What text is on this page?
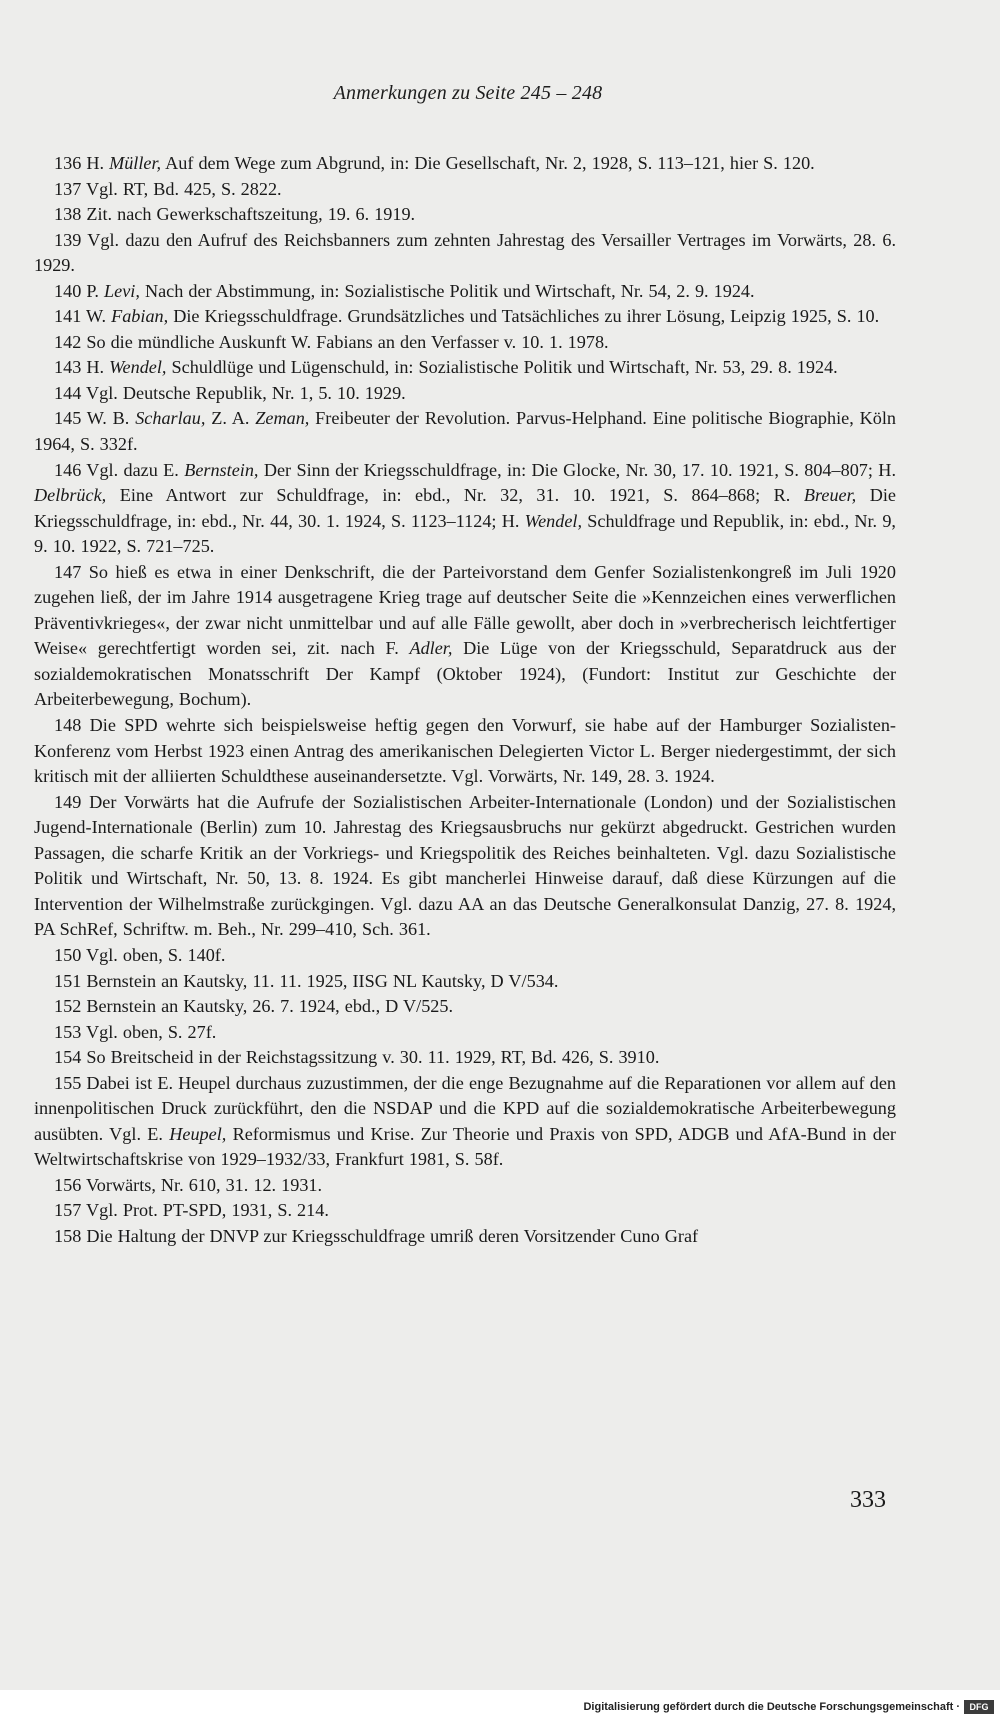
Anmerkungen zu Seite 245 – 248

136 H. Müller, Auf dem Wege zum Abgrund, in: Die Gesellschaft, Nr. 2, 1928, S. 113–121, hier S. 120.

137 Vgl. RT, Bd. 425, S. 2822.

138 Zit. nach Gewerkschaftszeitung, 19. 6. 1919.

139 Vgl. dazu den Aufruf des Reichsbanners zum zehnten Jahrestag des Versailler Vertrages im Vorwärts, 28. 6. 1929.

140 P. Levi, Nach der Abstimmung, in: Sozialistische Politik und Wirtschaft, Nr. 54, 2. 9. 1924.

141 W. Fabian, Die Kriegsschuldfrage. Grundsätzliches und Tatsächliches zu ihrer Lösung, Leipzig 1925, S. 10.

142 So die mündliche Auskunft W. Fabians an den Verfasser v. 10. 1. 1978.

143 H. Wendel, Schuldlüge und Lügenschuld, in: Sozialistische Politik und Wirtschaft, Nr. 53, 29. 8. 1924.

144 Vgl. Deutsche Republik, Nr. 1, 5. 10. 1929.

145 W. B. Scharlau, Z. A. Zeman, Freibeuter der Revolution. Parvus-Helphand. Eine politische Biographie, Köln 1964, S. 332f.

146 Vgl. dazu E. Bernstein, Der Sinn der Kriegsschuldfrage, in: Die Glocke, Nr. 30, 17. 10. 1921, S. 804–807; H. Delbrück, Eine Antwort zur Schuldfrage, in: ebd., Nr. 32, 31. 10. 1921, S. 864–868; R. Breuer, Die Kriegsschuldfrage, in: ebd., Nr. 44, 30. 1. 1924, S. 1123–1124; H. Wendel, Schuldfrage und Republik, in: ebd., Nr. 9, 9. 10. 1922, S. 721–725.

147 So hieß es etwa in einer Denkschrift, die der Parteivorstand dem Genfer Sozialistenkongreß im Juli 1920 zugehen ließ, der im Jahre 1914 ausgetragene Krieg trage auf deutscher Seite die »Kennzeichen eines verwerflichen Präventivkrieges«, der zwar nicht unmittelbar und auf alle Fälle gewollt, aber doch in »verbrecherisch leichtfertiger Weise« gerechtfertigt worden sei, zit. nach F. Adler, Die Lüge von der Kriegsschuld, Separatdruck aus der sozialdemokratischen Monatsschrift Der Kampf (Oktober 1924), (Fundort: Institut zur Geschichte der Arbeiterbewegung, Bochum).

148 Die SPD wehrte sich beispielsweise heftig gegen den Vorwurf, sie habe auf der Hamburger Sozialisten-Konferenz vom Herbst 1923 einen Antrag des amerikanischen Delegierten Victor L. Berger niedergestimmt, der sich kritisch mit der alliierten Schuldthese auseinandersetzte. Vgl. Vorwärts, Nr. 149, 28. 3. 1924.

149 Der Vorwärts hat die Aufrufe der Sozialistischen Arbeiter-Internationale (London) und der Sozialistischen Jugend-Internationale (Berlin) zum 10. Jahrestag des Kriegsausbruchs nur gekürzt abgedruckt. Gestrichen wurden Passagen, die scharfe Kritik an der Vorkriegs- und Kriegspolitik des Reiches beinhalteten. Vgl. dazu Sozialistische Politik und Wirtschaft, Nr. 50, 13. 8. 1924. Es gibt mancherlei Hinweise darauf, daß diese Kürzungen auf die Intervention der Wilhelmstraße zurückgingen. Vgl. dazu AA an das Deutsche Generalkonsulat Danzig, 27. 8. 1924, PA SchRef, Schriftw. m. Beh., Nr. 299–410, Sch. 361.

150 Vgl. oben, S. 140f.

151 Bernstein an Kautsky, 11. 11. 1925, IISG NL Kautsky, D V/534.

152 Bernstein an Kautsky, 26. 7. 1924, ebd., D V/525.

153 Vgl. oben, S. 27f.

154 So Breitscheid in der Reichstagssitzung v. 30. 11. 1929, RT, Bd. 426, S. 3910.

155 Dabei ist E. Heupel durchaus zuzustimmen, der die enge Bezugnahme auf die Reparationen vor allem auf den innenpolitischen Druck zurückführt, den die NSDAP und die KPD auf die sozialdemokratische Arbeiterbewegung ausübten. Vgl. E. Heupel, Reformismus und Krise. Zur Theorie und Praxis von SPD, ADGB und AfA-Bund in der Weltwirtschaftskrise von 1929–1932/33, Frankfurt 1981, S. 58f.

156 Vorwärts, Nr. 610, 31. 12. 1931.

157 Vgl. Prot. PT-SPD, 1931, S. 214.

158 Die Haltung der DNVP zur Kriegsschuldfrage umriß deren Vorsitzender Cuno Graf

333
Digitalisierung gefördert durch die Deutsche Forschungsgemeinschaft ·	DFG
